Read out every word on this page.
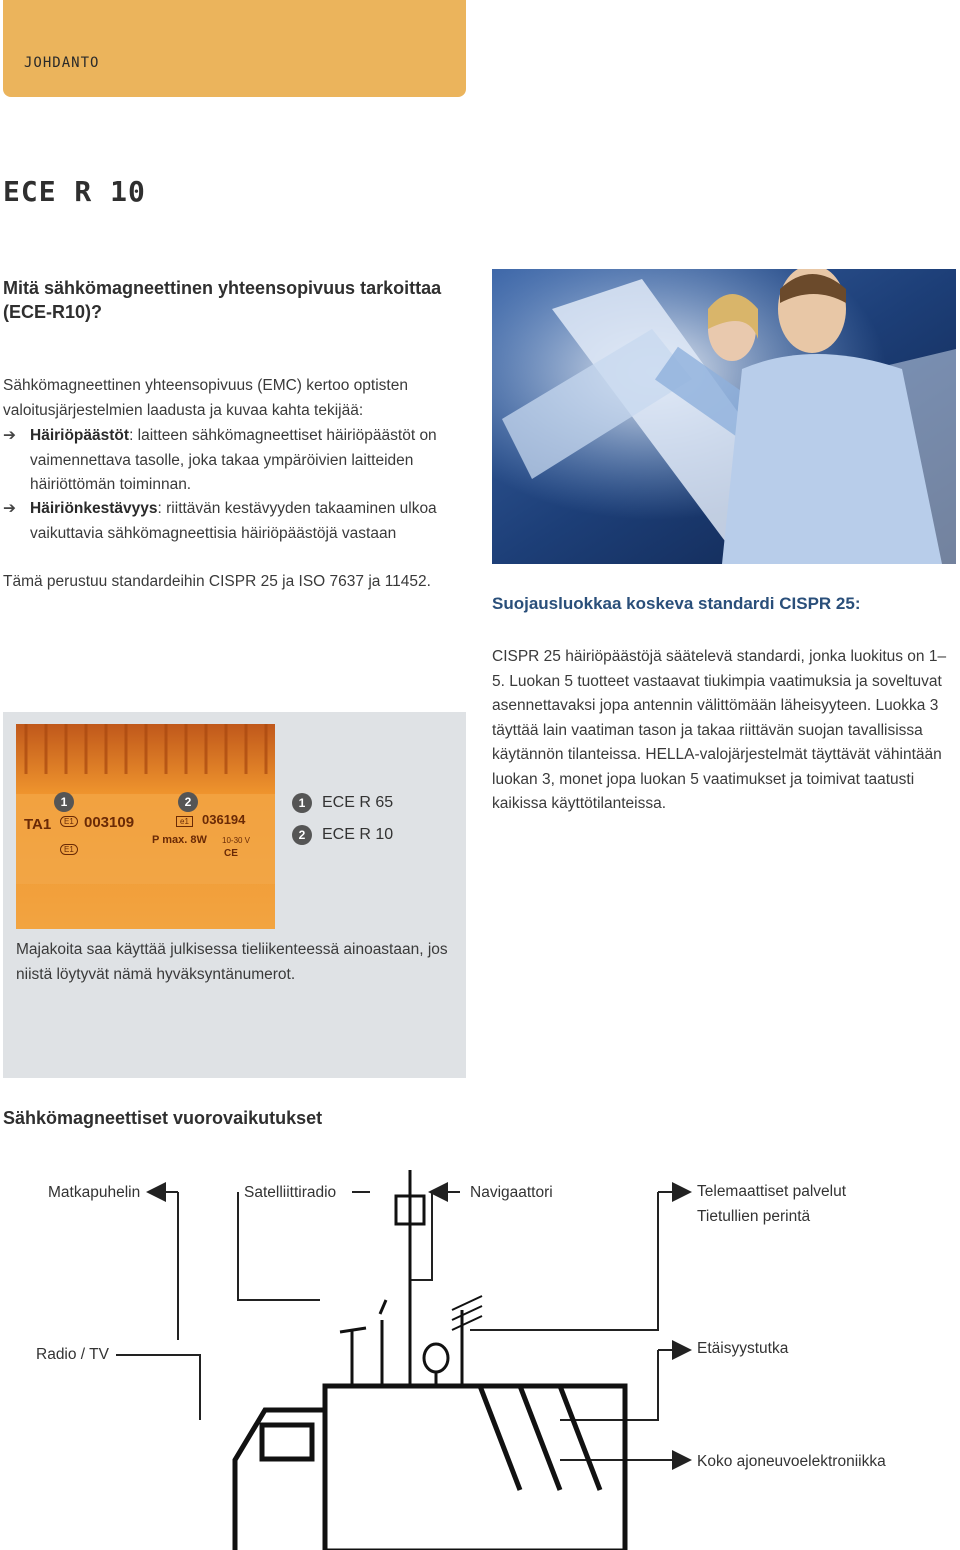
JOHDANTO
ECE R 10
Mitä sähkömagneettinen yhteensopivuus tarkoittaa (ECE-R10)?
Sähkömagneettinen yhteensopivuus (EMC) kertoo optisten valoitusjärjestelmien laadusta ja kuvaa kahta tekijää:
➔ Häiriöpäästöt: laitteen sähkömagneettiset häiriöpäästöt on vaimennettava tasolle, joka takaa ympäröivien laitteiden häiriöttömän toiminnan.
➔ Häiriönkestävyys: riittävän kestävyyden takaaminen ulkoa vaikuttavia sähkömagneettisia häiriöpäästöjä vastaan
Tämä perustuu standardeihin CISPR 25 ja ISO 7637 ja 11452.
Suojausluokkaa koskeva standardi CISPR 25:
CISPR 25 häiriöpäästöjä säätelevä standardi, jonka luokitus on 1–5. Luokan 5 tuotteet vastaavat tiukimpia vaatimuksia ja soveltuvat asennettavaksi jopa antennin välittömään läheisyyteen. Luokka 3 täyttää lain vaatiman tason ja takaa riittävän suojan tavallisissa käytännön tilanteissa. HELLA-valojärjestelmät täyttävät vähintään luokan 3, monet jopa luokan 5 vaatimukset ja toimivat taatusti kaikissa käyttötilanteissa.
1	2
TA1	E1 003109	e1	036194
P max. 8W 10-30 V
CE
E1
1 ECE R 65
2 ECE R 10
Majakoita saa käyttää julkisessa tieliikenteessä ainoastaan, jos niistä löytyvät nämä hyväksyntänumerot.
Sähkömagneettiset vuorovaikutukset
Matkapuhelin	Satelliittiradio	Navigaattori	Telemaattiset palvelut
Tietullien perintä
Radio / TV	Etäisyystutka
Koko ajoneuvoelektroniikka
